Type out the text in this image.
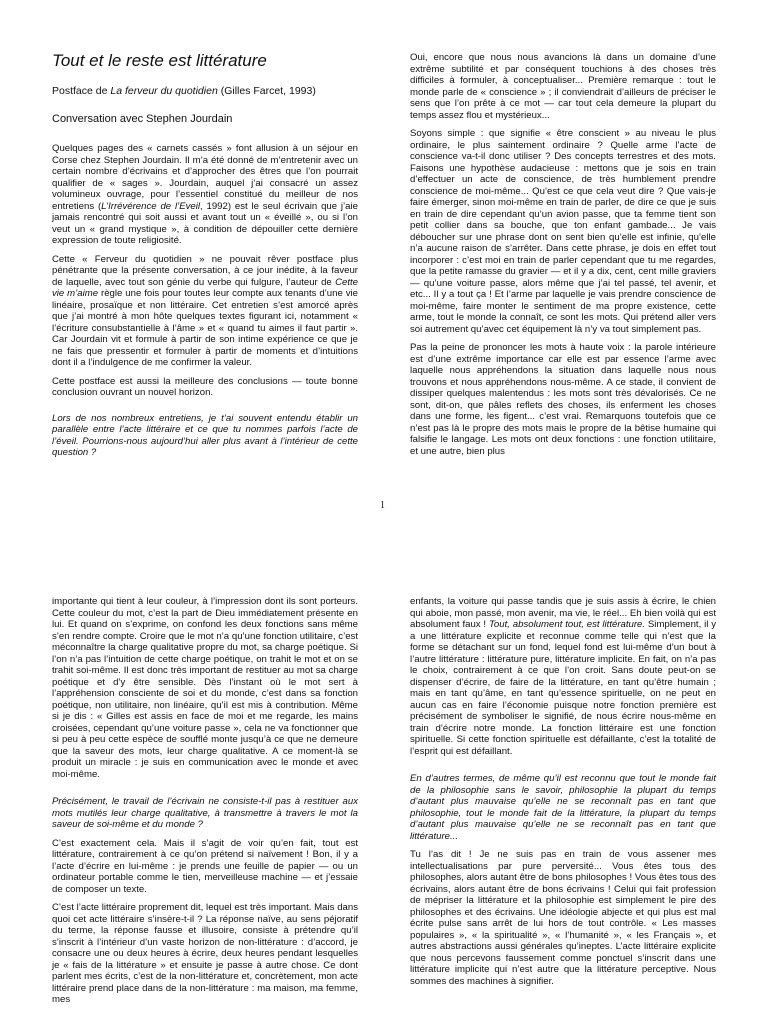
Tout et le reste est littérature
Postface de La ferveur du quotidien (Gilles Farcet, 1993)
Conversation avec Stephen Jourdain

Quelques pages des « carnets cassés » font allusion à un séjour en Corse chez Stephen Jourdain. Il m’a été donné de m’entretenir avec un certain nombre d’écrivains et d’approcher des êtres que l’on pourrait qualifier de « sages ». Jourdain, auquel j’ai consacré un assez volumineux ouvrage, pour l’essentiel constitué du meilleur de nos entretiens (L’Irrévérence de l’Eveil, 1992) est le seul écrivain que j’aie jamais rencontré qui soit aussi et avant tout un « éveillé », ou si l’on veut un « grand mystique », à condition de dépouiller cette dernière expression de toute religiosité.

Cette « Ferveur du quotidien » ne pouvait rêver postface plus pénétrante que la présente conversation, à ce jour inédite, à la faveur de laquelle, avec tout son génie du verbe qui fulgure, l’auteur de Cette vie m’aime règle une fois pour toutes leur compte aux tenants d’une vie linéaire, prosaïque et non littéraire. Cet entretien s’est amorcé après que j’ai montré à mon hôte quelques textes figurant ici, notamment « l’écriture consubstantielle à l’âme » et « quand tu aimes il faut partir ». Car Jourdain vit et formule à partir de son intime expérience ce que je ne fais que pressentir et formuler à partir de moments et d’intuitions dont il a l’indulgence de me confirmer la valeur.

Cette postface est aussi la meilleure des conclusions — toute bonne conclusion ouvrant un nouvel horizon.

Lors de nos nombreux entretiens, je t’ai souvent entendu établir un parallèle entre l’acte littéraire et ce que tu nommes parfois l’acte de l’éveil. Pourrions-nous aujourd’hui aller plus avant à l’intérieur de cette question ?

Oui, encore que nous nous avancions là dans un domaine d’une extrême subtilité et par conséquent touchions à des choses très difficiles à formuler, à conceptualiser... Première remarque : tout le monde parle de « conscience » ; il conviendrait d’ailleurs de préciser le sens que l’on prête à ce mot — car tout cela demeure la plupart du temps assez flou et mystérieux...

Soyons simple : que signifie « être conscient » au niveau le plus ordinaire, le plus saintement ordinaire ? Quelle arme l’acte de conscience va-t-il donc utiliser ? Des concepts terrestres et des mots. Faisons une hypothèse audacieuse : mettons que je sois en train d’effectuer un acte de conscience, de très humblement prendre conscience de moi-même... Qu’est ce que cela veut dire ? Que vais-je faire émerger, sinon moi-même en train de parler, de dire ce que je suis en train de dire cependant qu’un avion passe, que ta femme tient son petit collier dans sa bouche, que ton enfant gambade... Je vais déboucher sur une phrase dont on sent bien qu’elle est infinie, qu’elle n’a aucune raison de s’arrêter. Dans cette phrase, je dois en effet tout incorporer : c’est moi en train de parler cependant que tu me regardes, que la petite ramasse du gravier — et il y a dix, cent, cent mille graviers — qu’une voiture passe, alors même que j’ai tel passé, tel avenir, et etc... Il y a tout ça ! Et l’arme par laquelle je vais prendre conscience de moi-même, faire monter le sentiment de ma propre existence, cette arme, tout le monde la connaît, ce sont les mots. Qui prétend aller vers soi autrement qu’avec cet équipement là n’y va tout simplement pas.

Pas la peine de prononcer les mots à haute voix : la parole intérieure est d’une extrême importance car elle est par essence l’arme avec laquelle nous appréhendons la situation dans laquelle nous nous trouvons et nous appréhendons nous-même. A ce stade, il convient de dissiper quelques malentendus : les mots sont très dévalorisés. Ce ne sont, dit-on, que pâles reflets des choses, ils enferment les choses dans une forme, les figent... c’est vrai. Remarquons toutefois que ce n’est pas là le propre des mots mais le propre de la bêtise humaine qui falsifie le langage. Les mots ont deux fonctions : une fonction utilitaire, et une autre, bien plus

1

importante qui tient à leur couleur, à l’impression dont ils sont porteurs. Cette couleur du mot, c’est la part de Dieu immédiatement présente en lui. Et quand on s’exprime, on confond les deux fonctions sans même s’en rendre compte. Croire que le mot n’a qu’une fonction utilitaire, c’est méconnaître la charge qualitative propre du mot, sa charge poétique. Si l’on n’a pas l’intuition de cette charge poétique, on trahit le mot et on se trahit soi-même. Il est donc très important de restituer au mot sa charge poétique et d’y être sensible. Dès l’instant où le mot sert à l’appréhension consciente de soi et du monde, c’est dans sa fonction poétique, non utilitaire, non linéaire, qu’il est mis à contribution. Même si je dis : « Gilles est assis en face de moi et me regarde, les mains croisées, cependant qu’une voiture passe », cela ne va fonctionner que si peu à peu cette espèce de soufflé monte jusqu’à ce que ne demeure que la saveur des mots, leur charge qualitative. A ce moment-là se produit un miracle : je suis en communication avec le monde et avec moi-même.

Précisément, le travail de l’écrivain ne consiste-t-il pas à restituer aux mots mutilés leur charge qualitative, à transmettre à travers le mot la saveur de soi-même et du monde ?

C’est exactement cela. Mais il s’agit de voir qu’en fait, tout est littérature, contrairement à ce qu’on prétend si naïvement ! Bon, il y a l’acte d’écrire en lui-même : je prends une feuille de papier — ou un ordinateur portable comme le tien, merveilleuse machine — et j’essaie de composer un texte.

C’est l’acte littéraire proprement dit, lequel est très important. Mais dans quoi cet acte littéraire s’insère-t-il ? La réponse naïve, au sens péjoratif du terme, la réponse fausse et illusoire, consiste à prétendre qu’il s’inscrit à l’intérieur d’un vaste horizon de non-littérature : d’accord, je consacre une ou deux heures à écrire, deux heures pendant lesquelles je « fais de la littérature » et ensuite je passe à autre chose. Ce dont parlent mes écrits, c’est de la non-littérature et, concrètement, mon acte littéraire prend place dans de la non-littérature : ma maison, ma femme, mes

enfants, la voiture qui passe tandis que je suis assis à écrire, le chien qui aboie, mon passé, mon avenir, ma vie, le réel... Eh bien voilà qui est absolument faux ! Tout, absolument tout, est littérature. Simplement, il y a une littérature explicite et reconnue comme telle qui n’est que la forme se détachant sur un fond, lequel fond est lui-même d’un bout à l’autre littérature : littérature pure, littérature implicite. En fait, on n’a pas le choix, contrairement à ce que l’on croit. Sans doute peut-on se dispenser d’écrire, de faire de la littérature, en tant qu’être humain ; mais en tant qu’âme, en tant qu’essence spirituelle, on ne peut en aucun cas en faire l’économie puisque notre fonction première est précisément de symboliser le signifié, de nous écrire nous-même en train d’écrire notre monde. La fonction littéraire est une fonction spirituelle. Si cette fonction spirituelle est défaillante, c’est la totalité de l’esprit qui est défaillant.

En d’autres termes, de même qu’il est reconnu que tout le monde fait de la philosophie sans le savoir, philosophie la plupart du temps d’autant plus mauvaise qu’elle ne se reconnaît pas en tant que philosophie, tout le monde fait de la littérature, la plupart du temps d’autant plus mauvaise qu’elle ne se reconnaît pas en tant que littérature...

Tu l’as dit ! Je ne suis pas en train de vous assener mes intellectualisations par pure perversité... Vous êtes tous des philosophes, alors autant être de bons philosophes ! Vous êtes tous des écrivains, alors autant être de bons écrivains ! Celui qui fait profession de mépriser la littérature et la philosophie est simplement le pire des philosophes et des écrivains. Une idéologie abjecte et qui plus est mal écrite pulse sans arrêt de lui hors de tout contrôle. « Les masses populaires », « la spiritualité », « l’humanité », « les Français », et autres abstractions aussi générales qu’ineptes. L’acte littéraire explicite que nous percevons faussement comme ponctuel s’inscrit dans une littérature implicite qui n’est autre que la littérature perceptive. Nous sommes des machines à signifier.
